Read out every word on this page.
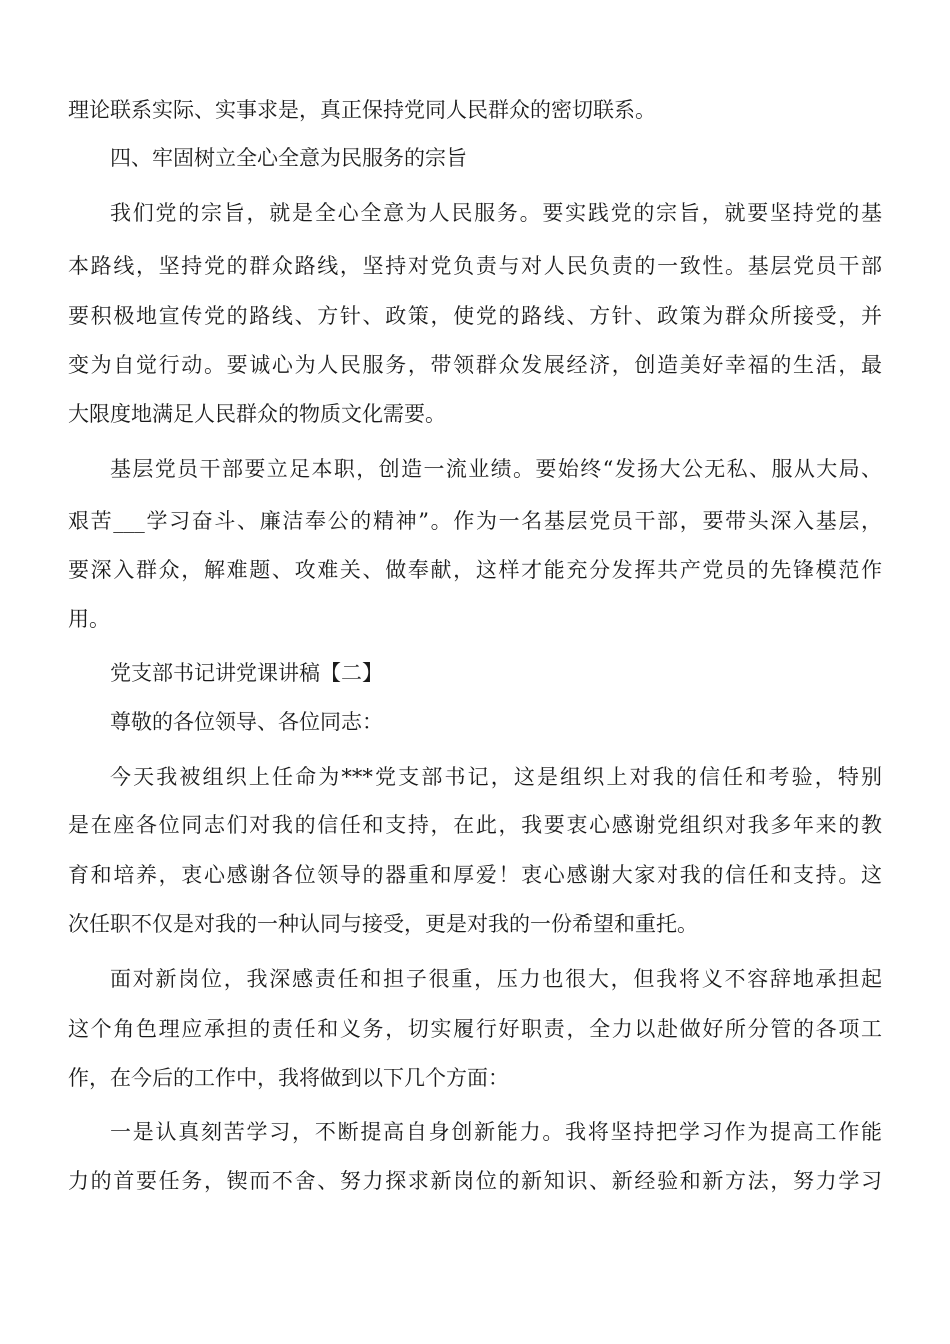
理论联系实际、实事求是，真正保持党同人民群众的密切联系。
四、牢固树立全心全意为民服务的宗旨
我们党的宗旨，就是全心全意为人民服务。要实践党的宗旨，就要坚持党的基
本路线，坚持党的群众路线，坚持对党负责与对人民负责的一致性。基层党员干部
要积极地宣传党的路线、方针、政策，使党的路线、方针、政策为群众所接受，并
变为自觉行动。要诚心为人民服务，带领群众发展经济，创造美好幸福的生活，最
大限度地满足人民群众的物质文化需要。
基层党员干部要立足本职，创造一流业绩。要始终“发扬大公无私、服从大局、
艰苦___学习奋斗、廉洁奉公的精神”。作为一名基层党员干部，要带头深入基层，
要深入群众，解难题、攻难关、做奉献，这样才能充分发挥共产党员的先锋模范作
用。
党支部书记讲党课讲稿【二】
尊敬的各位领导、各位同志：
今天我被组织上任命为***党支部书记，这是组织上对我的信任和考验，特别
是在座各位同志们对我的信任和支持，在此，我要衷心感谢党组织对我多年来的教
育和培养，衷心感谢各位领导的器重和厚爱！衷心感谢大家对我的信任和支持。这
次任职不仅是对我的一种认同与接受，更是对我的一份希望和重托。
面对新岗位，我深感责任和担子很重，压力也很大，但我将义不容辞地承担起
这个角色理应承担的责任和义务，切实履行好职责，全力以赴做好所分管的各项工
作，在今后的工作中，我将做到以下几个方面：
一是认真刻苦学习，不断提高自身创新能力。我将坚持把学习作为提高工作能
力的首要任务，锲而不舍、努力探求新岗位的新知识、新经验和新方法，努力学习
